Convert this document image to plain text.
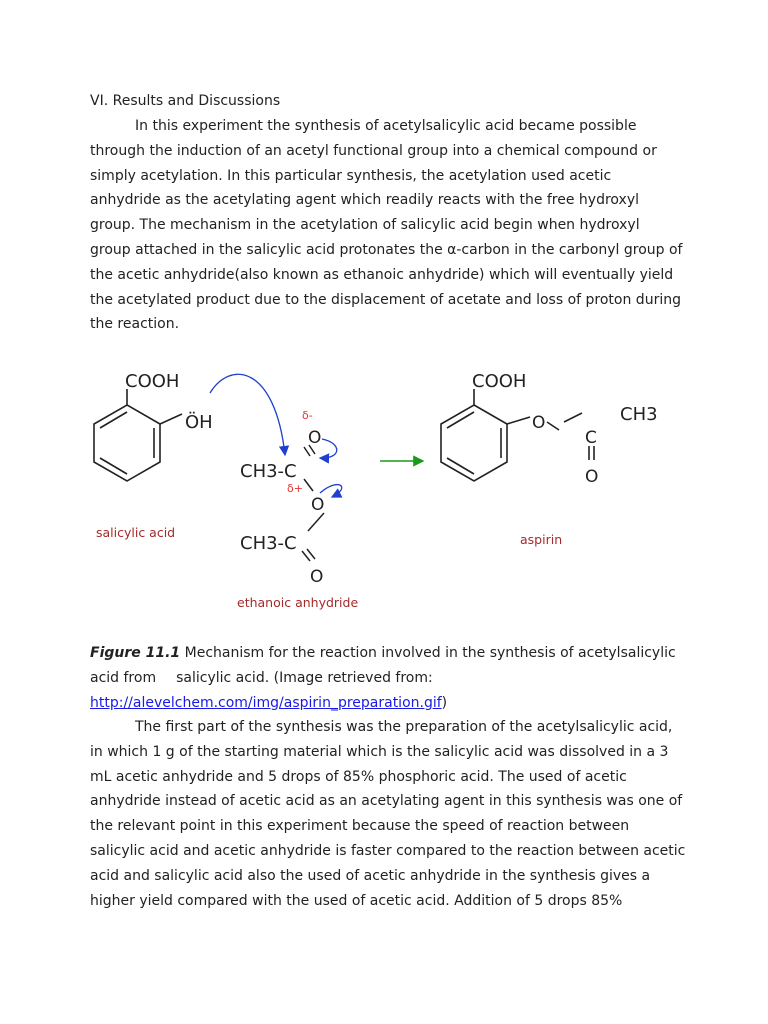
VI. Results and Discussions
In this experiment the synthesis of acetylsalicylic acid became possible
through the induction of an acetyl functional group into a chemical compound or
simply acetylation. In this particular synthesis, the acetylation used acetic
anhydride as the acetylating agent which readily reacts with the free hydroxyl
group. The mechanism in the acetylation of salicylic acid begin when hydroxyl
group attached in the salicylic acid protonates the α-carbon in the carbonyl group of
the acetic anhydride(also known as ethanoic anhydride) which will eventually yield
the acetylated product due to the displacement of acetate and loss of proton during
the reaction.
COOH
ÖH
salicylic acid
δ-
O
CH3-C
δ+
O
CH3-C
O
ethanoic anhydride
COOH
O
C
O
aspirin
CH3
Figure 11.1 Mechanism for the reaction involved in the synthesis of acetylsalicylic
acid from salicylic acid. (Image retrieved from:
http://alevelchem.com/img/aspirin_preparation.gif)
The first part of the synthesis was the preparation of the acetylsalicylic acid,
in which 1 g of the starting material which is the salicylic acid was dissolved in a 3
mL acetic anhydride and 5 drops of 85% phosphoric acid. The used of acetic
anhydride instead of acetic acid as an acetylating agent in this synthesis was one of
the relevant point in this experiment because the speed of reaction between
salicylic acid and acetic anhydride is faster compared to the reaction between acetic
acid and salicylic acid also the used of acetic anhydride in the synthesis gives a
higher yield compared with the used of acetic acid. Addition of 5 drops 85%
